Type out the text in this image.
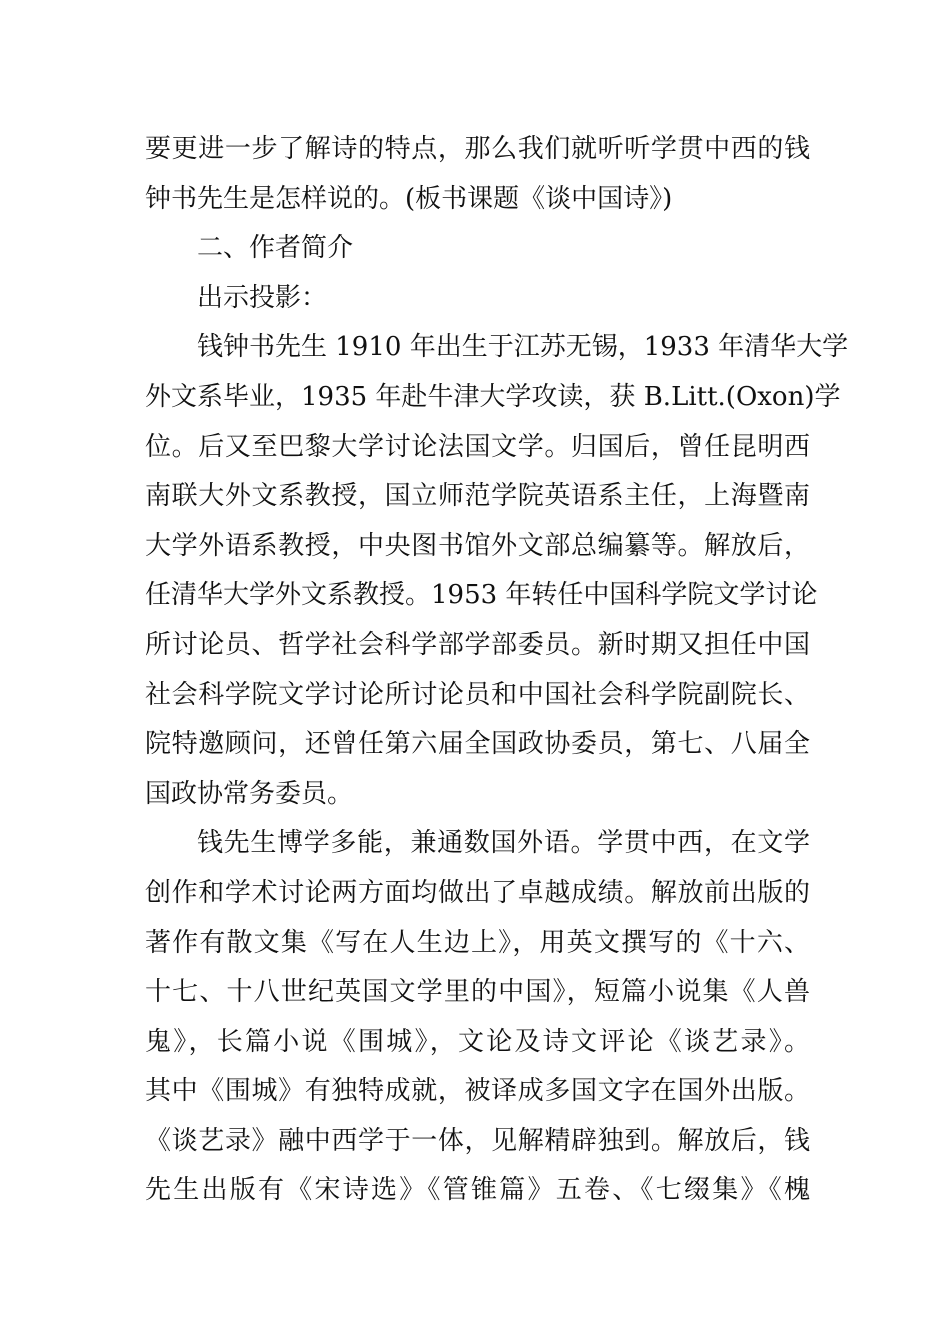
要更进一步了解诗的特点，那么我们就听听学贯中西的钱
钟书先生是怎样说的。(板书课题《谈中国诗》)
二、作者简介
出示投影：
钱钟书先生 1910 年出生于江苏无锡，1933 年清华大学
外文系毕业，1935 年赴牛津大学攻读，获 B.Litt.(Oxon)学
位。后又至巴黎大学讨论法国文学。归国后，曾任昆明西
南联大外文系教授，国立师范学院英语系主任，上海暨南
大学外语系教授，中央图书馆外文部总编纂等。解放后，
任清华大学外文系教授。1953 年转任中国科学院文学讨论
所讨论员、哲学社会科学部学部委员。新时期又担任中国
社会科学院文学讨论所讨论员和中国社会科学院副院长、
院特邀顾问，还曾任第六届全国政协委员，第七、八届全
国政协常务委员。
钱先生博学多能，兼通数国外语。学贯中西，在文学
创作和学术讨论两方面均做出了卓越成绩。解放前出版的
著作有散文集《写在人生边上》，用英文撰写的《十六、
十七、十八世纪英国文学里的中国》，短篇小说集《人兽
鬼》，长篇小说《围城》，文论及诗文评论《谈艺录》。
其中《围城》有独特成就，被译成多国文字在国外出版。
《谈艺录》融中西学于一体，见解精辟独到。解放后，钱
先生出版有《宋诗选》《管锥篇》五卷、《七缀集》《槐
